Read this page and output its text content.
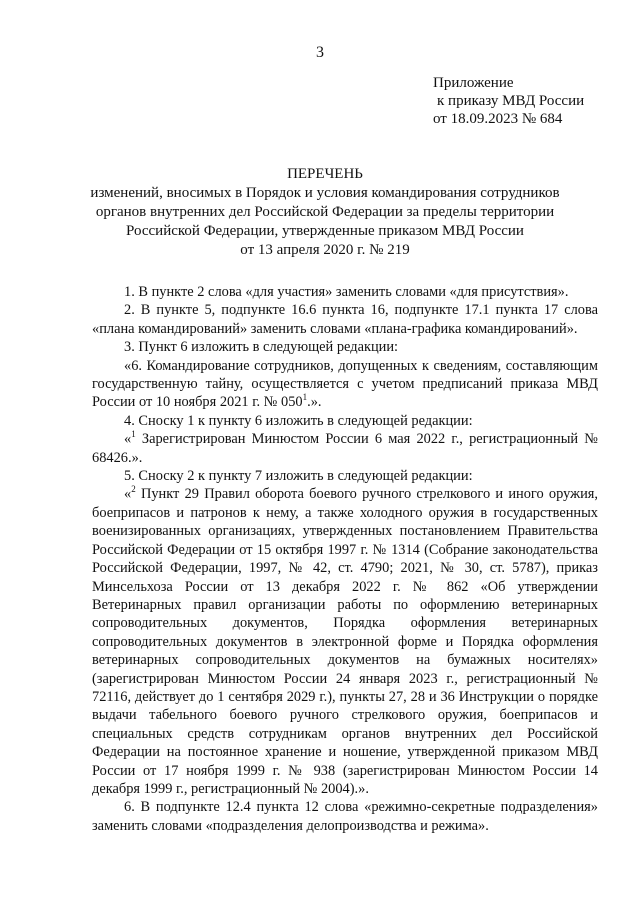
3
Приложение
к приказу МВД России
от 18.09.2023 № 684
ПЕРЕЧЕНЬ
изменений, вносимых в Порядок и условия командирования сотрудников
органов внутренних дел Российской Федерации за пределы территории
Российской Федерации, утвержденные приказом МВД России
от 13 апреля 2020 г. № 219

1. В пункте 2 слова «для участия» заменить словами «для присутствия».

2. В пункте 5, подпункте 16.6 пункта 16, подпункте 17.1 пункта 17 слова «плана командирований» заменить словами «плана-графика командирований».

3. Пункт 6 изложить в следующей редакции:

«6. Командирование сотрудников, допущенных к сведениям, составляющим государственную тайну, осуществляется с учетом предписаний приказа МВД России от 10 ноября 2021 г. № $050^1$.».

4. Сноску 1 к пункту 6 изложить в следующей редакции:

«$^1$ Зарегистрирован Минюстом России 6 мая 2022 г., регистрационный № 68426.».

5. Сноску 2 к пункту 7 изложить в следующей редакции:

«$^2$ Пункт 29 Правил оборота боевого ручного стрелкового и иного оружия, боеприпасов и патронов к нему, а также холодного оружия в государственных военизированных организациях, утвержденных постановлением Правительства Российской Федерации от 15 октября 1997 г. № 1314 (Собрание законодательства Российской Федерации, 1997, № 42, ст. 4790; 2021, № 30, ст. 5787), приказ Минсельхоза России от 13 декабря 2022 г. № 862 «Об утверждении Ветеринарных правил организации работы по оформлению ветеринарных сопроводительных документов, Порядка оформления ветеринарных сопроводительных документов в электронной форме и Порядка оформления ветеринарных сопроводительных документов на бумажных носителях» (зарегистрирован Минюстом России 24 января 2023 г., регистрационный № 72116, действует до 1 сентября 2029 г.), пункты 27, 28 и 36 Инструкции о порядке выдачи табельного боевого ручного стрелкового оружия, боеприпасов и специальных средств сотрудникам органов внутренних дел Российской Федерации на постоянное хранение и ношение, утвержденной приказом МВД России от 17 ноября 1999 г. № 938 (зарегистрирован Минюстом России 14 декабря 1999 г., регистрационный № 2004).».

6. В подпункте 12.4 пункта 12 слова «режимно-секретные подразделения» заменить словами «подразделения делопроизводства и режима».
